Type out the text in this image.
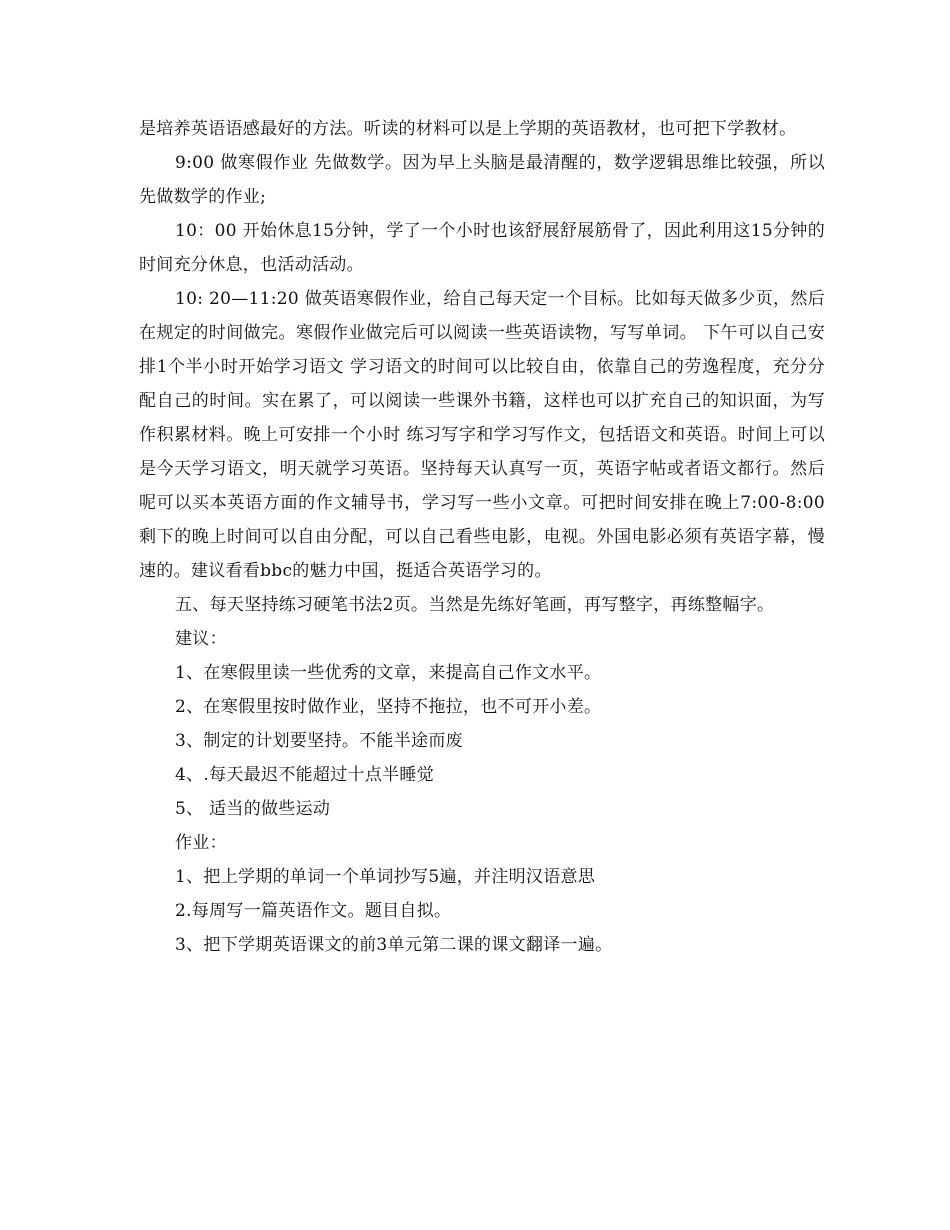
是培养英语语感最好的方法。听读的材料可以是上学期的英语教材，也可把下学教材。

9:00 做寒假作业 先做数学。因为早上头脑是最清醒的，数学逻辑思维比较强，所以先做数学的作业;

10：00 开始休息15分钟，学了一个小时也该舒展舒展筋骨了，因此利用这15分钟的时间充分休息，也活动活动。

10: 20—11:20 做英语寒假作业，给自己每天定一个目标。比如每天做多少页，然后在规定的时间做完。寒假作业做完后可以阅读一些英语读物，写写单词。 下午可以自己安排1个半小时开始学习语文 学习语文的时间可以比较自由，依靠自己的劳逸程度，充分分配自己的时间。实在累了，可以阅读一些课外书籍，这样也可以扩充自己的知识面，为写作积累材料。晚上可安排一个小时 练习写字和学习写作文，包括语文和英语。时间上可以是今天学习语文，明天就学习英语。坚持每天认真写一页，英语字帖或者语文都行。然后呢可以买本英语方面的作文辅导书，学习写一些小文章。可把时间安排在晚上7:00-8:00剩下的晚上时间可以自由分配，可以自己看些电影，电视。外国电影必须有英语字幕，慢速的。建议看看bbc的魅力中国，挺适合英语学习的。

五、每天坚持练习硬笔书法2页。当然是先练好笔画，再写整字，再练整幅字。

建议：

1、在寒假里读一些优秀的文章，来提高自己作文水平。

2、在寒假里按时做作业，坚持不拖拉，也不可开小差。

3、制定的计划要坚持。不能半途而废

4、.每天最迟不能超过十点半睡觉

5、 适当的做些运动

作业：

1、把上学期的单词一个单词抄写5遍，并注明汉语意思

2.每周写一篇英语作文。题目自拟。

3、把下学期英语课文的前3单元第二课的课文翻译一遍。
